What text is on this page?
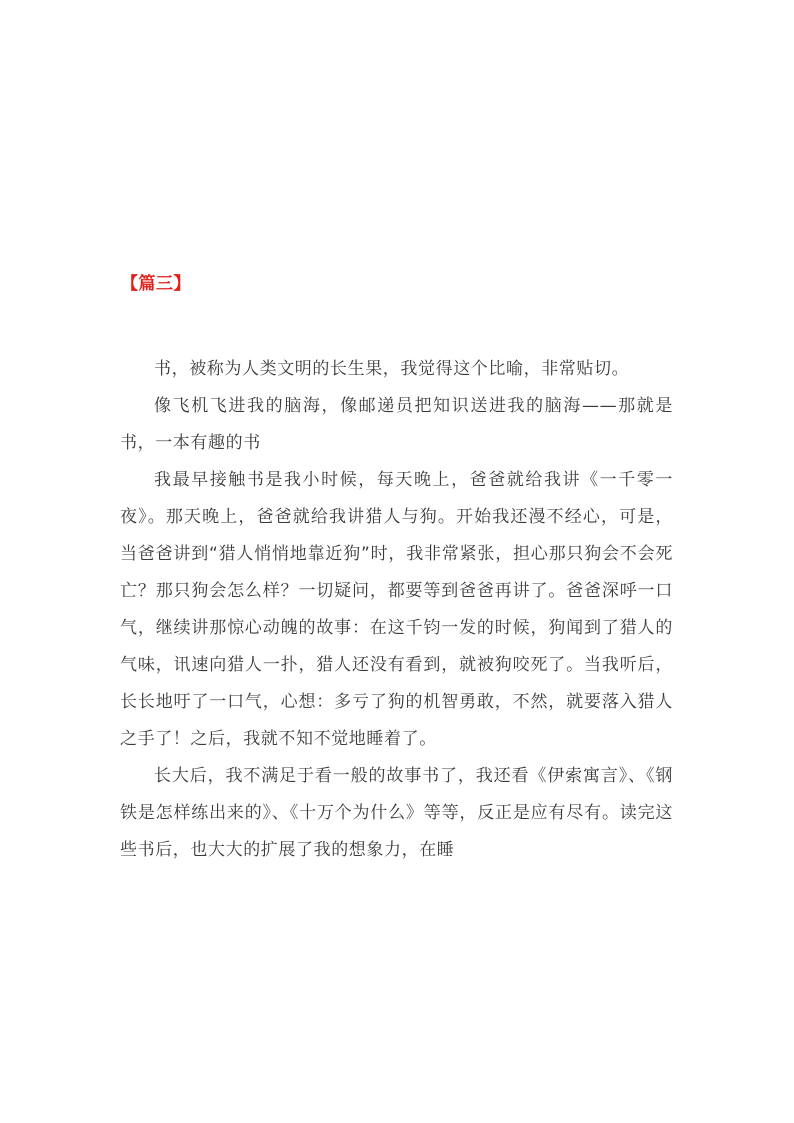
【篇三】

书，被称为人类文明的长生果，我觉得这个比喻，非常贴切。

像飞机飞进我的脑海，像邮递员把知识送进我的脑海——那就是书，一本有趣的书

我最早接触书是我小时候，每天晚上，爸爸就给我讲《一千零一夜》。那天晚上，爸爸就给我讲猎人与狗。开始我还漫不经心，可是，当爸爸讲到“猎人悄悄地靠近狗”时，我非常紧张，担心那只狗会不会死亡？那只狗会怎么样？一切疑问，都要等到爸爸再讲了。爸爸深呼一口气，继续讲那惊心动魄的故事：在这千钧一发的时候，狗闻到了猎人的气味，讯速向猎人一扑，猎人还没有看到，就被狗咬死了。当我听后，长长地吁了一口气，心想：多亏了狗的机智勇敢，不然，就要落入猎人之手了！之后，我就不知不觉地睡着了。

长大后，我不满足于看一般的故事书了，我还看《伊索寓言》、《钢铁是怎样练出来的》、《十万个为什么》等等，反正是应有尽有。读完这些书后，也大大的扩展了我的想象力，在睡
